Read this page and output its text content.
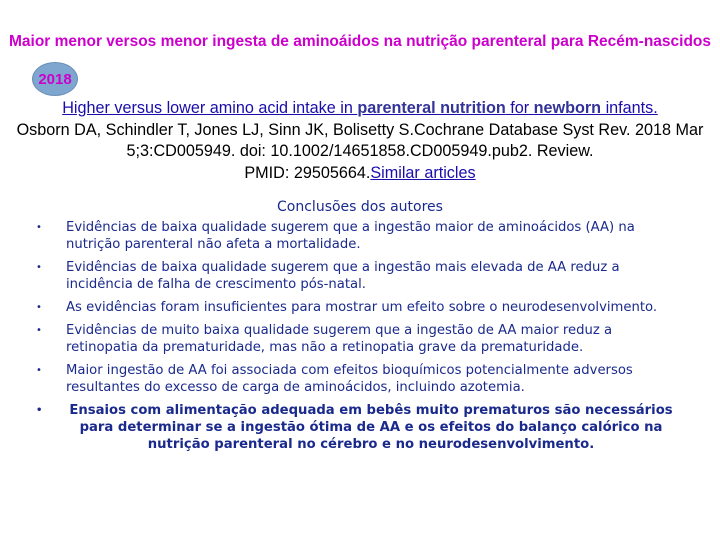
Maior menor versos menor ingesta de aminoáidos na nutrição parenteral para Recém-nascidos
2018
Higher versus lower amino acid intake in parenteral nutrition for newborn infants.
Osborn DA, Schindler T, Jones LJ, Sinn JK, Bolisetty S.Cochrane Database Syst Rev. 2018 Mar 5;3:CD005949. doi: 10.1002/14651858.CD005949.pub2. Review.
PMID: 29505664.Similar articles
Conclusões dos autores
• Evidências de baixa qualidade sugerem que a ingestão maior de aminoácidos (AA) na nutrição parenteral não afeta a mortalidade.
• Evidências de baixa qualidade sugerem que a ingestão mais elevada de AA reduz a incidência de falha de crescimento pós-natal.
• As evidências foram insuficientes para mostrar um efeito sobre o neurodesenvolvimento.
• Evidências de muito baixa qualidade sugerem que a ingestão de AA maior reduz a retinopatia da prematuridade, mas não a retinopatia grave da prematuridade.
• Maior ingestão de AA foi associada com efeitos bioquímicos potencialmente adversos resultantes do excesso de carga de aminoácidos, incluindo azotemia.
• Ensaios com alimentação adequada em bebês muito prematuros são necessários para determinar se a ingestão ótima de AA e os efeitos do balanço calórico na nutrição parenteral no cérebro e no neurodesenvolvimento.
